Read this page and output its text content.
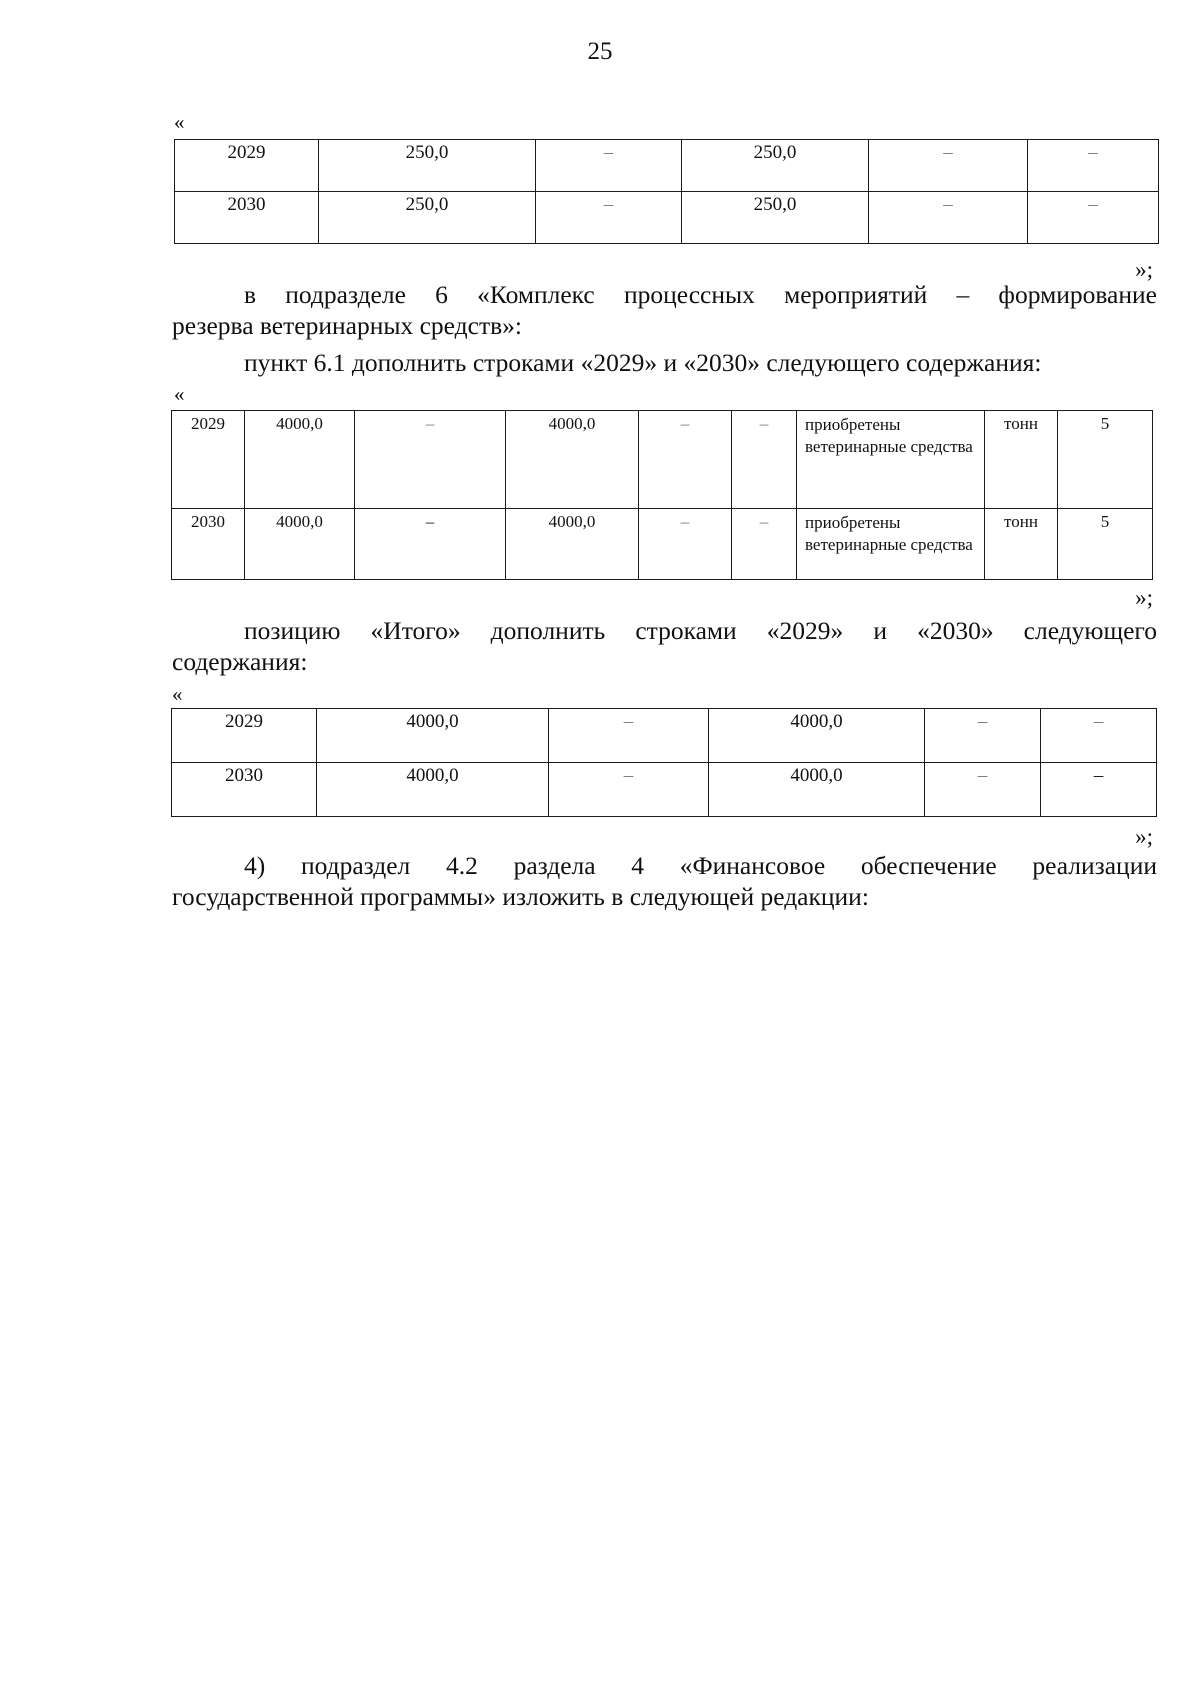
25
«
2029	250,0	–	250,0	–	–

2030	250,0	–	250,0	–	–
»;

в подразделе 6 «Комплекс процессных мероприятий – формирование

резерва ветеринарных средств»:

пункт 6.1 дополнить строками «2029» и «2030» следующего содержания:

«
2029	4000,0	–	4000,0	–	–	приобретены ветеринарные средства	тонн	5

2030	4000,0	–	4000,0	–	–	приобретены ветеринарные средства	тонн	5
»;

позицию «Итого» дополнить строками «2029» и «2030» следующего

содержания:

«
2029	4000,0	–	4000,0	–	–

2030	4000,0	–	4000,0	–	–
»;

4) подраздел 4.2 раздела 4 «Финансовое обеспечение реализации

государственной программы» изложить в следующей редакции:
